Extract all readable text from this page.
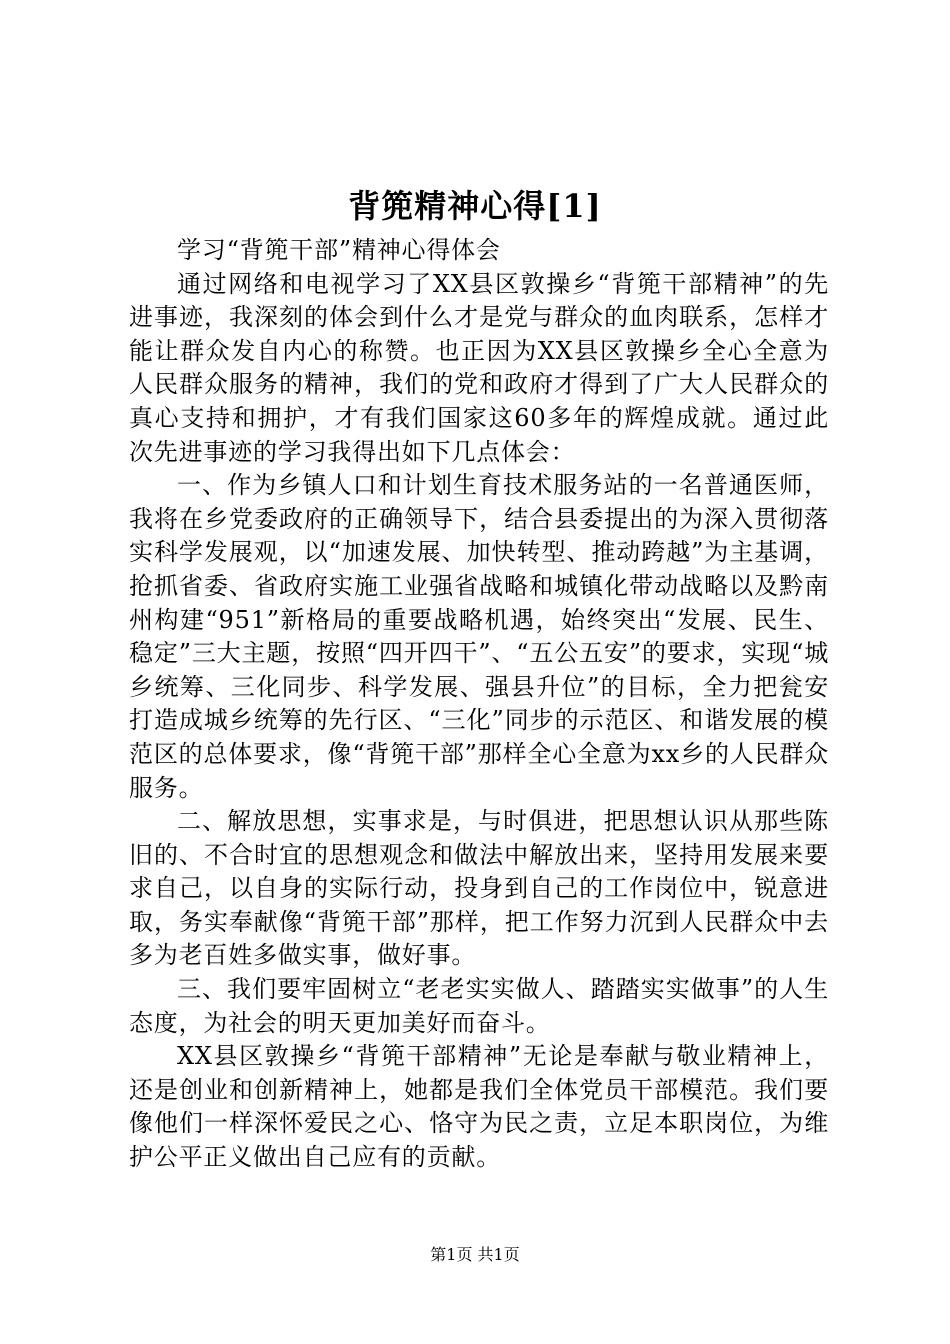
背篼精神心得[1]

学习“背篼干部”精神心得体会

通过网络和电视学习了XX县区敦操乡“背篼干部精神”的先进事迹，我深刻的体会到什么才是党与群众的血肉联系，怎样才能让群众发自内心的称赞。也正因为XX县区敦操乡全心全意为人民群众服务的精神，我们的党和政府才得到了广大人民群众的真心支持和拥护，才有我们国家这60多年的辉煌成就。通过此次先进事迹的学习我得出如下几点体会：

一、作为乡镇人口和计划生育技术服务站的一名普通医师，我将在乡党委政府的正确领导下，结合县委提出的为深入贯彻落实科学发展观，以“加速发展、加快转型、推动跨越”为主基调，抢抓省委、省政府实施工业强省战略和城镇化带动战略以及黔南州构建“951”新格局的重要战略机遇，始终突出“发展、民生、稳定”三大主题，按照“四开四干”、“五公五安”的要求，实现“城乡统筹、三化同步、科学发展、强县升位”的目标，全力把瓮安打造成城乡统筹的先行区、“三化”同步的示范区、和谐发展的模范区的总体要求，像“背篼干部”那样全心全意为xx乡的人民群众服务。

二、解放思想，实事求是，与时俱进，把思想认识从那些陈旧的、不合时宜的思想观念和做法中解放出来，坚持用发展来要求自己，以自身的实际行动，投身到自己的工作岗位中，锐意进取，务实奉献像“背篼干部”那样，把工作努力沉到人民群众中去多为老百姓多做实事，做好事。

三、我们要牢固树立“老老实实做人、踏踏实实做事”的人生态度，为社会的明天更加美好而奋斗。

XX县区敦操乡“背篼干部精神”无论是奉献与敬业精神上，还是创业和创新精神上，她都是我们全体党员干部模范。我们要像他们一样深怀爱民之心、恪守为民之责，立足本职岗位，为维护公平正义做出自己应有的贡献。

第1页 共1页
